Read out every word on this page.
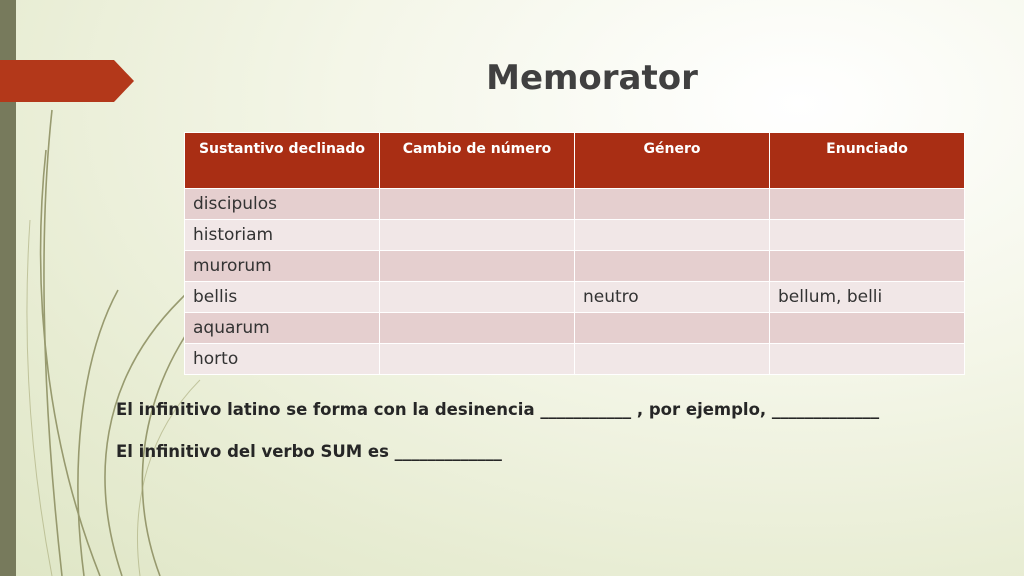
Memorator
Sustantivo declinado	Cambio de número	Género	Enunciado
discipulos			
historiam			
murorum			
bellis		neutro	bellum, belli
aquarum			
horto			
El infinitivo latino se forma con la desinencia ___________ , por ejemplo, _____________
El infinitivo del verbo SUM es _____________
